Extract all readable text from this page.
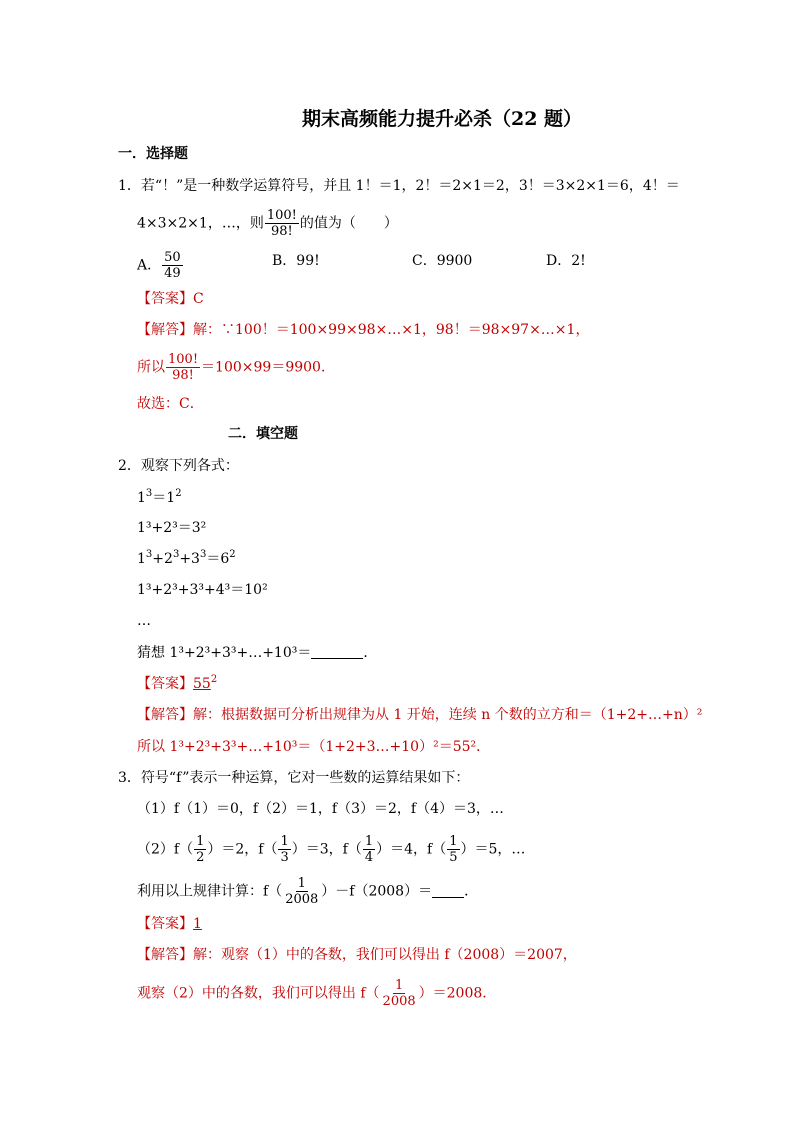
期末高频能力提升必杀（22 题）
一．选择题
1．若“！”是一种数学运算符号，并且 1！＝1，2！＝2×1＝2，3！＝3×2×1＝6，4！＝
4×3×2×1，…，则 $\frac{100!}{98!}$ 的值为（　　）
A． $\frac{50}{49}$	B．99!	C．9900	D．2!
【答案】C
【解答】解：∵100！＝100×99×98×…×1，98！＝98×97×…×1，
所以 $\frac{100!}{98!} =100\times 99=9900$．
故选：C．
二．填空题
2．观察下列各式：
$1^3=1^2$
1³+2³＝3²
$1^3+2^3+3^3=6^2$
1³+2³+3³+4³＝10²
…
猜想 1³+2³+3³+…+10³＝	．
【答案】$55^2$
【解答】解：根据数据可分析出规律为从 1 开始，连续 n 个数的立方和＝（1+2+…+n）²
所以 1³+2³+3³+…+10³＝（1+2+3…+10）²＝55²．
3．符号“f”表示一种运算，它对一些数的运算结果如下：
（1）f（1）＝0，f（2）＝1，f（3）＝2，f（4）＝3，…
$(2)f( \frac{1}{2} )=2$，$f( \frac{1}{3} )=3$，$f( \frac{1}{4} )=4$，$f( \frac{1}{5} )=5$，…
利用以上规律计算：$f( \frac{1}{2008} )-f(2008)=$ ．
【答案】1
【解答】解：观察（1）中的各数，我们可以得出 f（2008）＝2007，
观察（2）中的各数，我们可以得出 $f( \frac{1}{2008} )=2008$．
